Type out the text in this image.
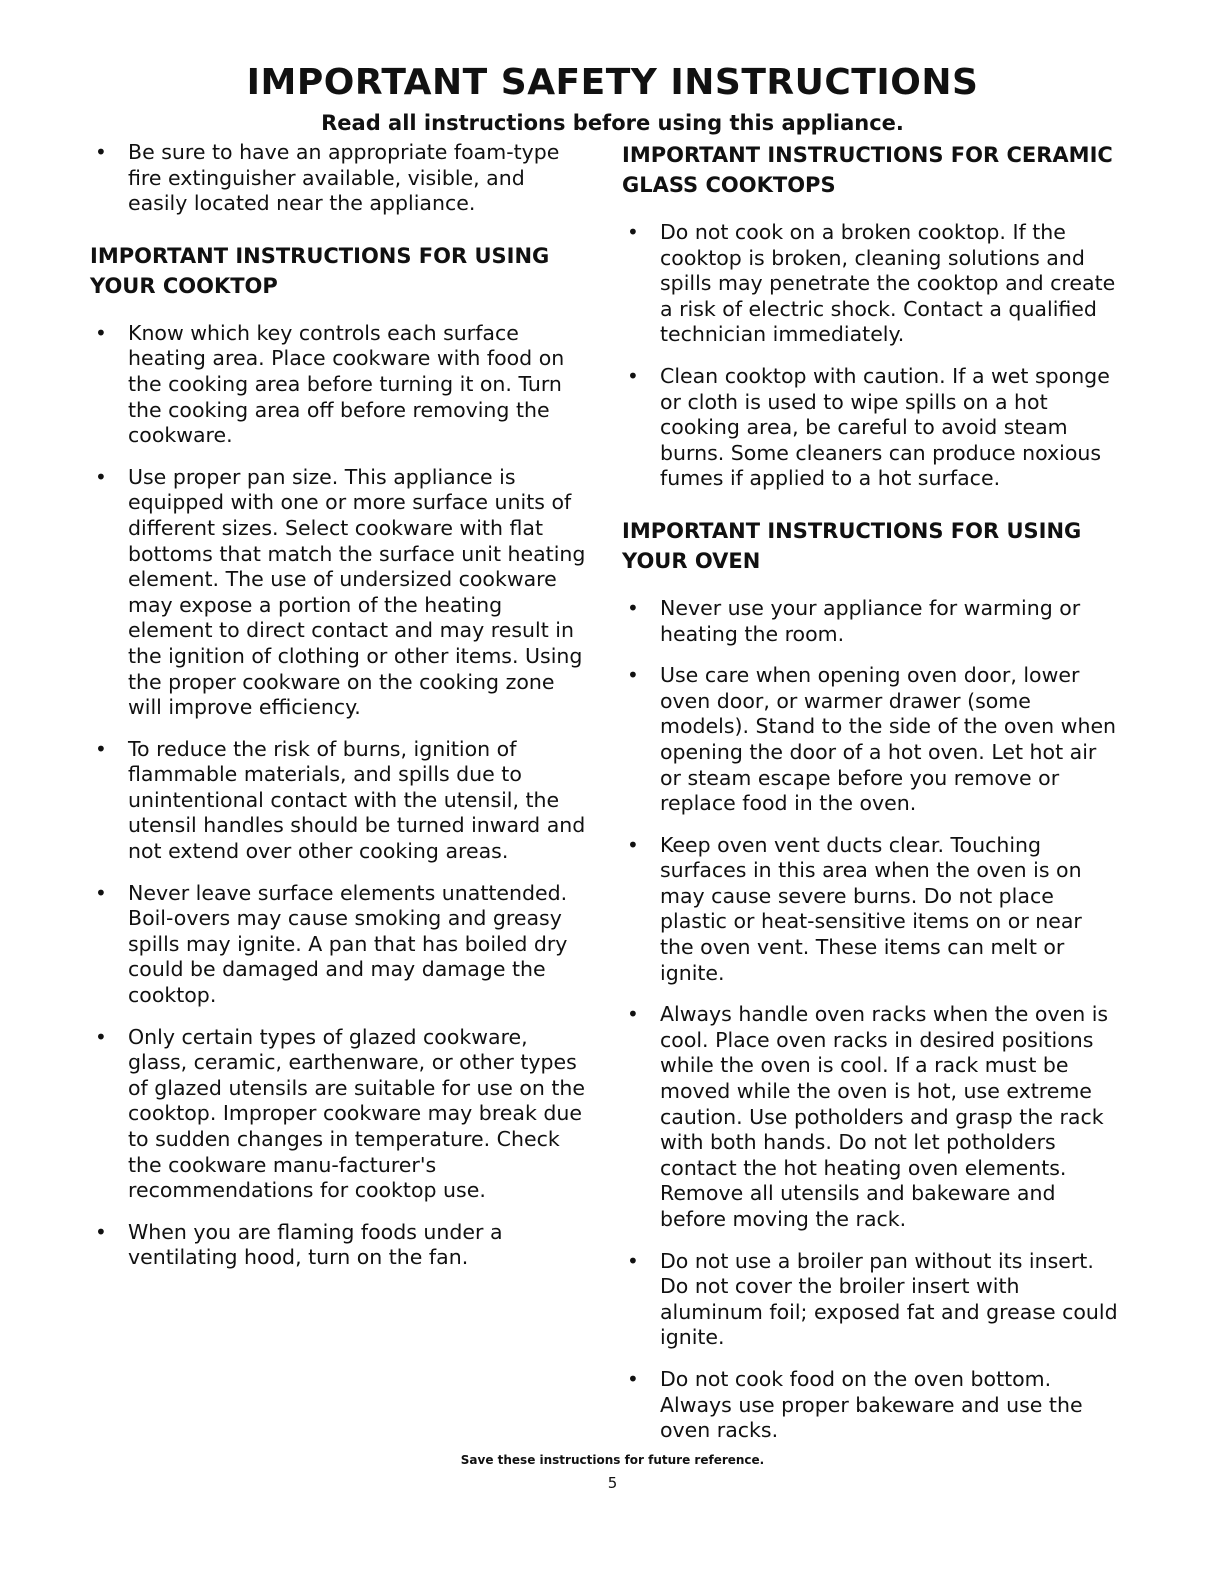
IMPORTANT SAFETY INSTRUCTIONS
Read all instructions before using this appliance.
• Be sure to have an appropriate foam-type fire extinguisher available, visible, and easily located near the appliance.
IMPORTANT INSTRUCTIONS FOR USING YOUR COOKTOP
• Know which key controls each surface heating area. Place cookware with food on the cooking area before turning it on. Turn the cooking area off before removing the cookware.
• Use proper pan size. This appliance is equipped with one or more surface units of different sizes. Select cookware with flat bottoms that match the surface unit heating element. The use of undersized cookware may expose a portion of the heating element to direct contact and may result in the ignition of clothing or other items. Using the proper cookware on the cooking zone will improve efficiency.
• To reduce the risk of burns, ignition of flammable materials, and spills due to unintentional contact with the utensil, the utensil handles should be turned inward and not extend over other cooking areas.
• Never leave surface elements unattended. Boil-overs may cause smoking and greasy spills may ignite. A pan that has boiled dry could be damaged and may damage the cooktop.
• Only certain types of glazed cookware, glass, ceramic, earthenware, or other types of glazed utensils are suitable for use on the cooktop. Improper cookware may break due to sudden changes in temperature. Check the cookware manu-facturer's recommendations for cooktop use.
• When you are flaming foods under a ventilating hood, turn on the fan.
IMPORTANT INSTRUCTIONS FOR CERAMIC GLASS COOKTOPS
• Do not cook on a broken cooktop. If the cooktop is broken, cleaning solutions and spills may penetrate the cooktop and create a risk of electric shock. Contact a qualified technician immediately.
• Clean cooktop with caution. If a wet sponge or cloth is used to wipe spills on a hot cooking area, be careful to avoid steam burns. Some cleaners can produce noxious fumes if applied to a hot surface.
IMPORTANT INSTRUCTIONS FOR USING YOUR OVEN
• Never use your appliance for warming or heating the room.
• Use care when opening oven door, lower oven door, or warmer drawer (some models). Stand to the side of the oven when opening the door of a hot oven. Let hot air or steam escape before you remove or replace food in the oven.
• Keep oven vent ducts clear. Touching surfaces in this area when the oven is on may cause severe burns. Do not place plastic or heat-sensitive items on or near the oven vent. These items can melt or ignite.
• Always handle oven racks when the oven is cool. Place oven racks in desired positions while the oven is cool. If a rack must be moved while the oven is hot, use extreme caution. Use potholders and grasp the rack with both hands. Do not let potholders contact the hot heating oven elements. Remove all utensils and bakeware and before moving the rack.
• Do not use a broiler pan without its insert. Do not cover the broiler insert with aluminum foil; exposed fat and grease could ignite.
• Do not cook food on the oven bottom. Always use proper bakeware and use the oven racks.
Save these instructions for future reference.
5
